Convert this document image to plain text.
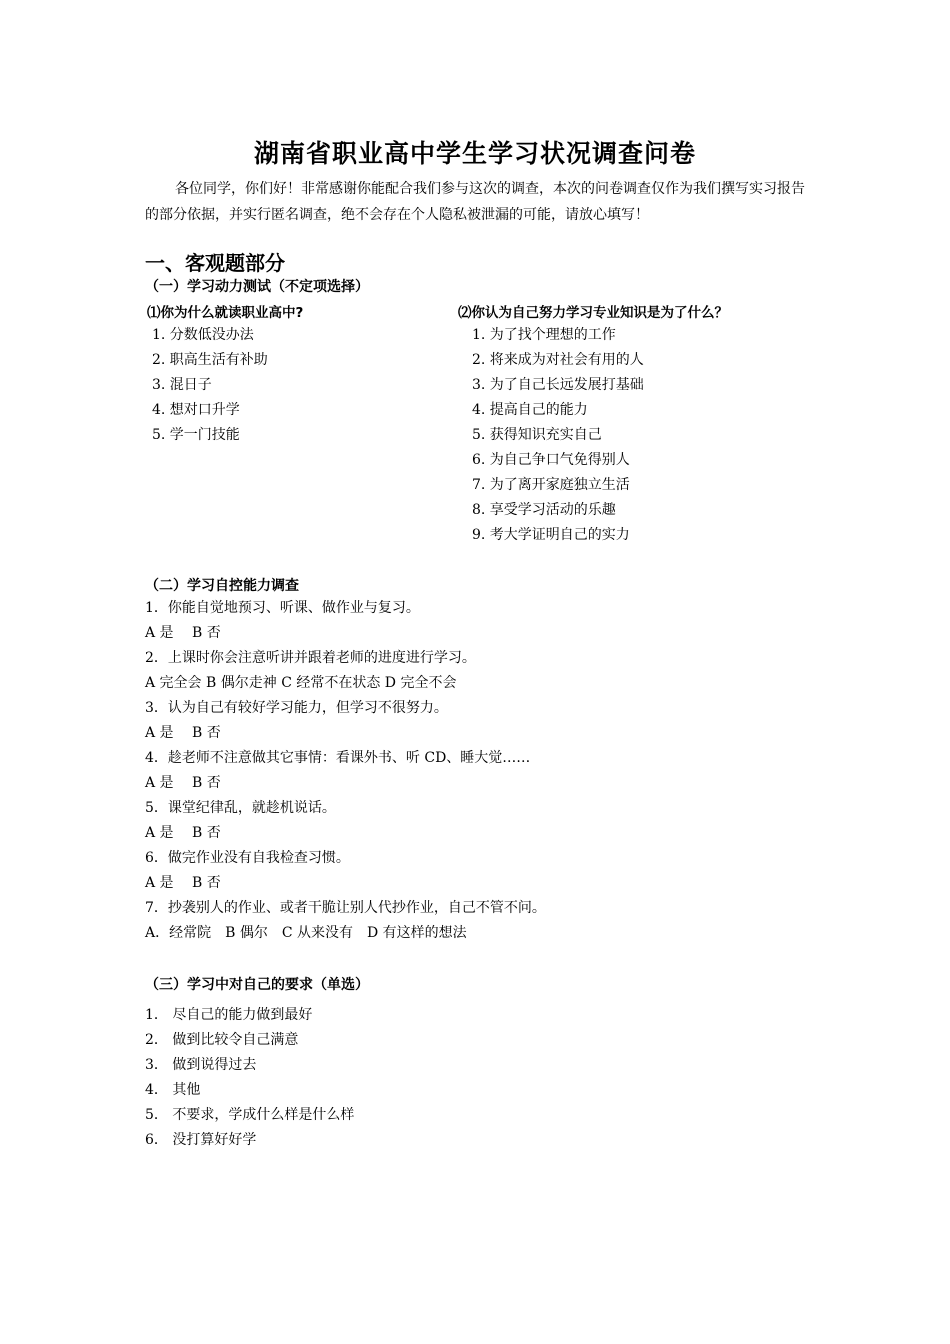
湖南省职业高中学生学习状况调查问卷
各位同学，你们好！非常感谢你能配合我们参与这次的调查，本次的问卷调查仅作为我们撰写实习报告的部分依据，并实行匿名调查，绝不会存在个人隐私被泄漏的可能，请放心填写！
一、客观题部分
（一）学习动力测试（不定项选择）
⑴你为什么就读职业高中?
1. 分数低没办法
2. 职高生活有补助
3. 混日子
4. 想对口升学
5. 学一门技能
⑵你认为自己努力学习专业知识是为了什么？
1. 为了找个理想的工作
2. 将来成为对社会有用的人
3. 为了自己长远发展打基础
4. 提高自己的能力
5. 获得知识充实自己
6. 为自己争口气免得别人
7. 为了离开家庭独立生活
8. 享受学习活动的乐趣
9. 考大学证明自己的实力
（二）学习自控能力调查
1．你能自觉地预习、听课、做作业与复习。
A 是　 B 否
2．上课时你会注意听讲并跟着老师的进度进行学习。
A 完全会 B 偶尔走神 C 经常不在状态 D 完全不会
3．认为自己有较好学习能力，但学习不很努力。
A 是　 B 否
4．趁老师不注意做其它事情：看课外书、听 CD、睡大觉……
A 是　 B 否
5．课堂纪律乱，就趁机说话。
A 是　 B 否
6．做完作业没有自我检查习惯。
A 是　 B 否
7．抄袭别人的作业、或者干脆让别人代抄作业，自己不管不问。
A．经常院　B 偶尔　C 从来没有　D 有这样的想法
（三）学习中对自己的要求（单选）
1． 尽自己的能力做到最好
2． 做到比较令自己满意
3． 做到说得过去
4． 其他
5． 不要求，学成什么样是什么样
6． 没打算好好学
